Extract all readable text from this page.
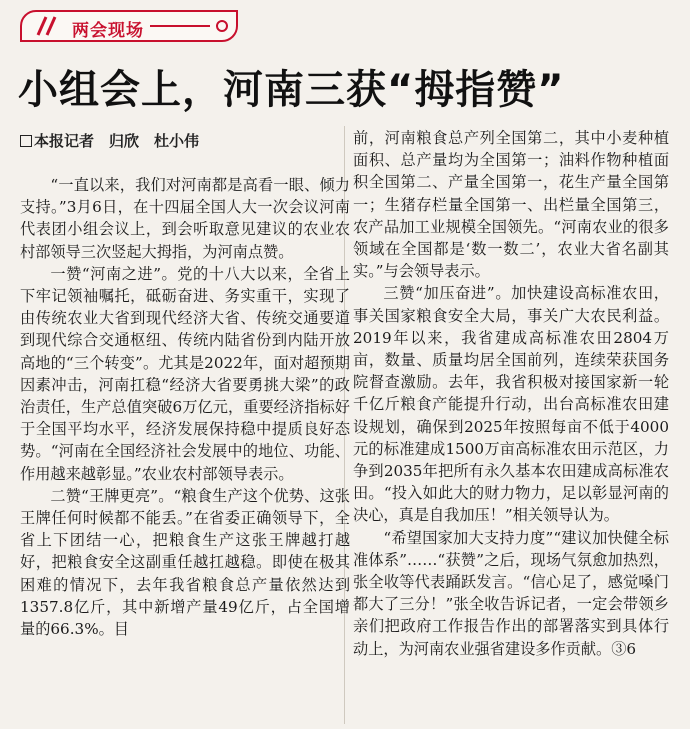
两会现场
小组会上，河南三获“拇指赞”
本报记者　归欣　杜小伟

“一直以来，我们对河南都是高看一眼、倾力支持。”3月6日，在十四届全国人大一次会议河南代表团小组会议上，到会听取意见建议的农业农村部领导三次竖起大拇指，为河南点赞。

一赞“河南之进”。党的十八大以来，全省上下牢记领袖嘱托，砥砺奋进、务实重干，实现了由传统农业大省到现代经济大省、传统交通要道到现代综合交通枢纽、传统内陆省份到内陆开放高地的“三个转变”。尤其是2022年，面对超预期因素冲击，河南扛稳“经济大省要勇挑大梁”的政治责任，生产总值突破6万亿元，重要经济指标好于全国平均水平，经济发展保持稳中提质良好态势。“河南在全国经济社会发展中的地位、功能、作用越来越彰显。”农业农村部领导表示。

二赞“王牌更亮”。“粮食生产这个优势、这张王牌任何时候都不能丢。”在省委正确领导下，全省上下团结一心，把粮食生产这张王牌越打越好，把粮食安全这副重任越扛越稳。即使在极其困难的情况下，去年我省粮食总产量依然达到1357.8亿斤，其中新增产量49亿斤，占全国增量的66.3%。目

前，河南粮食总产列全国第二，其中小麦种植面积、总产量均为全国第一；油料作物种植面积全国第二、产量全国第一，花生产量全国第一；生猪存栏量全国第一、出栏量全国第三，农产品加工业规模全国领先。“河南农业的很多领域在全国都是‘数一数二’，农业大省名副其实。”与会领导表示。

三赞“加压奋进”。加快建设高标准农田，事关国家粮食安全大局，事关广大农民利益。2019年以来，我省建成高标准农田2804万亩，数量、质量均居全国前列，连续荣获国务院督查激励。去年，我省积极对接国家新一轮千亿斤粮食产能提升行动，出台高标准农田建设规划，确保到2025年按照每亩不低于4000元的标准建成1500万亩高标准农田示范区，力争到2035年把所有永久基本农田建成高标准农田。“投入如此大的财力物力，足以彰显河南的决心，真是自我加压！”相关领导认为。

“希望国家加大支持力度”“建议加快健全标准体系”……“获赞”之后，现场气氛愈加热烈，张全收等代表踊跃发言。“信心足了，感觉嗓门都大了三分！”张全收告诉记者，一定会带领乡亲们把政府工作报告作出的部署落实到具体行动上，为河南农业强省建设多作贡献。③6
